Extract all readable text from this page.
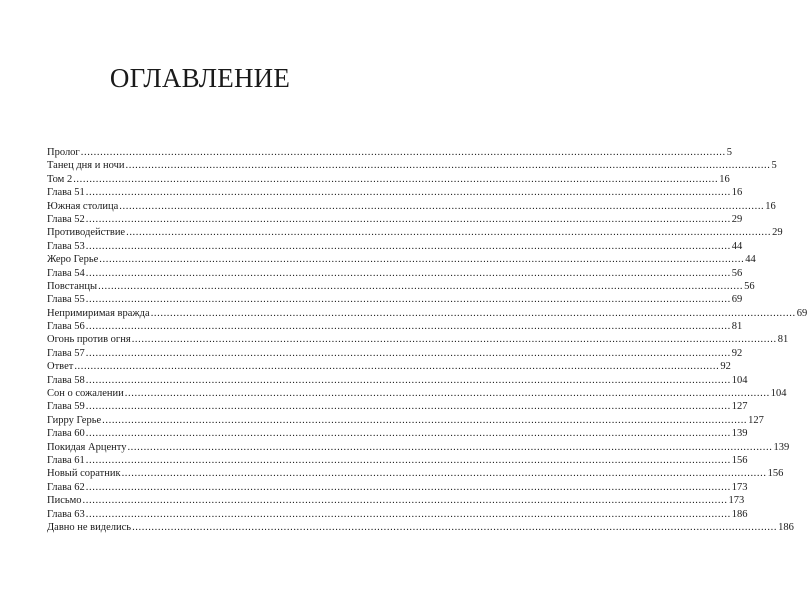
ОГЛАВЛЕНИЕ
Пролог ........................................................................................................................................................................................................ 5
Танец дня и ночи ........................................................................................................................................................................................................ 5
Том 2 ........................................................................................................................................................................................................ 16
Глава 51 ........................................................................................................................................................................................................ 16
Южная столица ........................................................................................................................................................................................................ 16
Глава 52 ........................................................................................................................................................................................................ 29
Противодействие ........................................................................................................................................................................................................ 29
Глава 53 ........................................................................................................................................................................................................ 44
Жеро Герье ........................................................................................................................................................................................................ 44
Глава 54 ........................................................................................................................................................................................................ 56
Повстанцы ........................................................................................................................................................................................................ 56
Глава 55 ........................................................................................................................................................................................................ 69
Непримиримая вражда ........................................................................................................................................................................................................ 69
Глава 56 ........................................................................................................................................................................................................ 81
Огонь против огня ........................................................................................................................................................................................................ 81
Глава 57 ........................................................................................................................................................................................................ 92
Ответ ........................................................................................................................................................................................................ 92
Глава 58 ........................................................................................................................................................................................................ 104
Сон о сожалении ........................................................................................................................................................................................................ 104
Глава 59 ........................................................................................................................................................................................................ 127
Гирру Герье ........................................................................................................................................................................................................ 127
Глава 60 ........................................................................................................................................................................................................ 139
Покидая Арценту ........................................................................................................................................................................................................ 139
Глава 61 ........................................................................................................................................................................................................ 156
Новый соратник ........................................................................................................................................................................................................ 156
Глава 62 ........................................................................................................................................................................................................ 173
Письмо ........................................................................................................................................................................................................ 173
Глава 63 ........................................................................................................................................................................................................ 186
Давно не виделись ........................................................................................................................................................................................................ 186
